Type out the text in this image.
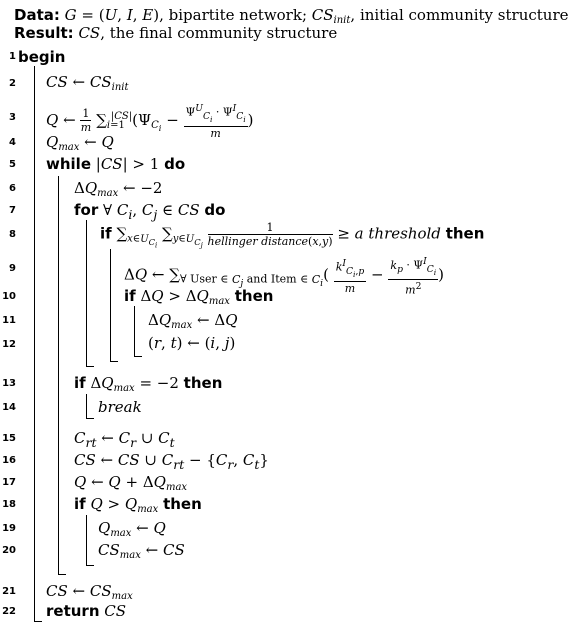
Data: G = (U, I, E), bipartite network; $CS_{init}$, initial community structure
Result: CS, the final community structure
1 begin
2 CS ← $CS_{init}$
3 Q ← $\frac{1}{m} \sum_{i=1}^{|CS|}(\Psi_{C_i} - \frac{\Psi^U_{C_i} \cdot \Psi^I_{C_i}}{m}$ )
4 $Q_{max}$ ← Q
5 while |CS| > 1 do
6	$\Delta Q_{max}$ ← −2
7	for ∀ $C_i$, $C_j$ ∈ CS do
8	if $\sum_{x\in U_{C_i}}$ $\sum_{y\in U_{C_j}} \frac{1}{\text{hellinger distance(x,y)}} \ge a$ threshold then
9	ΔQ ← $\sum_{\forall User \in C_j and Item \in C_i}( \frac{k^I_{C_i,p}}{m} - \frac{k_p \cdot \Psi^I_{C_i}}{m^2}$ )
10	if $\Delta Q > \Delta Q_{max}$ then
11	$\Delta Q_{max}$ ← ΔQ
12	(r, t) ← (i, j)
13	if $\Delta Q_{max} = -2$ then
14	break
15	$C_{rt}$ ← $C_r$ ∪ $C_t$
16	CS ← CS ∪ $C_{rt} - \{C_r$, $C_t$}
17	Q ← $Q + \Delta Q_{max}$
18	if $Q > Q_{max}$ then
19	$Q_{max}$ ← Q
20	$CS_{max}$ ← CS
21 CS ← $CS_{max}$
22 return CS
